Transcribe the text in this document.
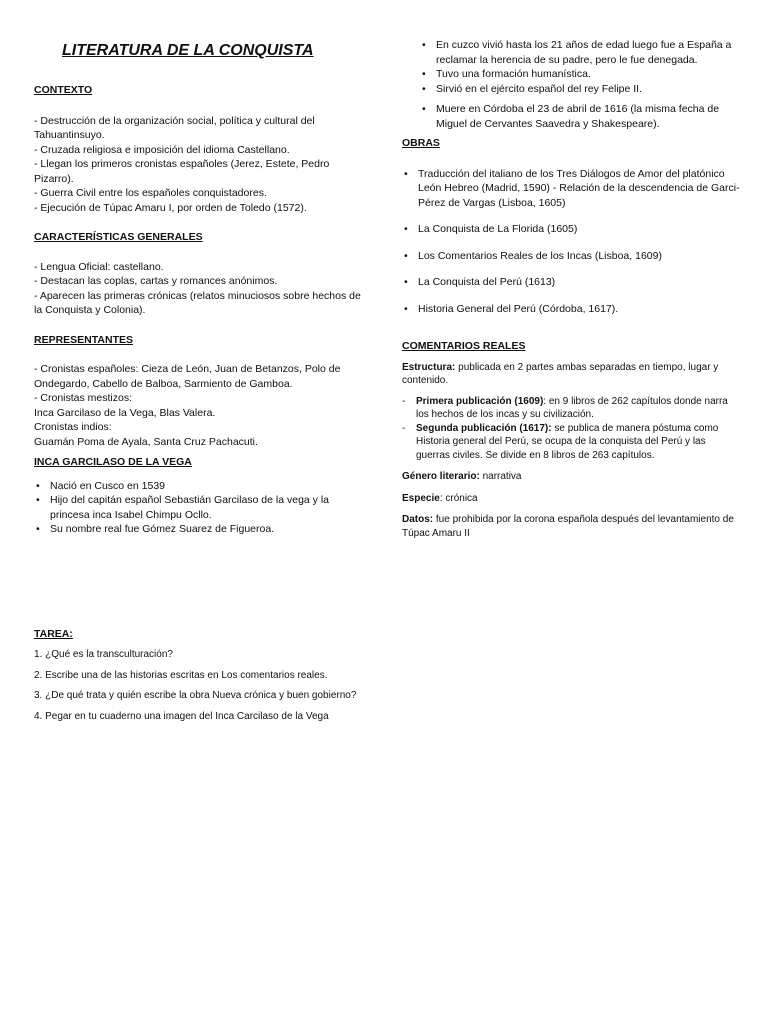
LITERATURA DE LA CONQUISTA
CONTEXTO
- Destrucción de la organización social, política y cultural del Tahuantinsuyo.
- Cruzada religiosa e imposición del idioma Castellano.
- Llegan los primeros cronistas españoles (Jerez, Estete, Pedro Pizarro).
- Guerra Civil entre los españoles conquistadores.
- Ejecución de Túpac Amaru I, por orden de Toledo (1572).
CARACTERÍSTICAS GENERALES
- Lengua Oficial: castellano.
- Destacan las coplas, cartas y romances anónimos.
- Aparecen las primeras crónicas (relatos minuciosos sobre hechos de la Conquista y Colonia).
REPRESENTANTES
- Cronistas españoles: Cieza de León, Juan de Betanzos, Polo de Ondegardo, Cabello de Balboa, Sarmiento de Gamboa.
- Cronistas mestizos:
Inca Garcilaso de la Vega, Blas Valera.
Cronistas indios:
Guamán Poma de Ayala, Santa Cruz Pachacuti.
INCA GARCILASO DE LA VEGA
• Nació en Cusco en 1539
• Hijo del capitán español Sebastián Garcilaso de la vega y la princesa inca Isabel Chimpu Ocllo.
• Su nombre real fue Gómez Suarez de Figueroa.
TAREA:
1. ¿Qué es la transculturación?
2. Escribe una de las historias escritas en Los comentarios reales.
3. ¿De qué trata y quién escribe la obra Nueva crónica y buen gobierno?
4. Pegar en tu cuaderno una imagen del Inca Carcilaso de la Vega
• En cuzco vivió hasta los 21 años de edad luego fue a España a reclamar la herencia de su padre, pero le fue denegada.
• Tuvo una formación humanística.
• Sirvió en el ejército español del rey Felipe II.
• Muere en Córdoba el 23 de abril de 1616 (la misma fecha de Miguel de Cervantes Saavedra y Shakespeare).
OBRAS
• Traducción del italiano de los Tres Diálogos de Amor del platónico León Hebreo (Madrid, 1590) - Relación de la descendencia de Garci-Pérez de Vargas (Lisboa, 1605)
• La Conquista de La Florida (1605)
• Los Comentarios Reales de los Incas (Lisboa, 1609)
• La Conquista del Perú (1613)
• Historia General del Perú (Córdoba, 1617).
COMENTARIOS REALES
Estructura: publicada en 2 partes ambas separadas en tiempo, lugar y contenido.
- Primera publicación (1609): en 9 libros de 262 capítulos donde narra los hechos de los incas y su civilización.
- Segunda publicación (1617): se publica de manera póstuma como Historia general del Perú, se ocupa de la conquista del Perú y las guerras civiles. Se divide en 8 libros de 263 capítulos.
Género literario: narrativa
Especie: crónica
Datos: fue prohibida por la corona española después del levantamiento de Túpac Amaru II
